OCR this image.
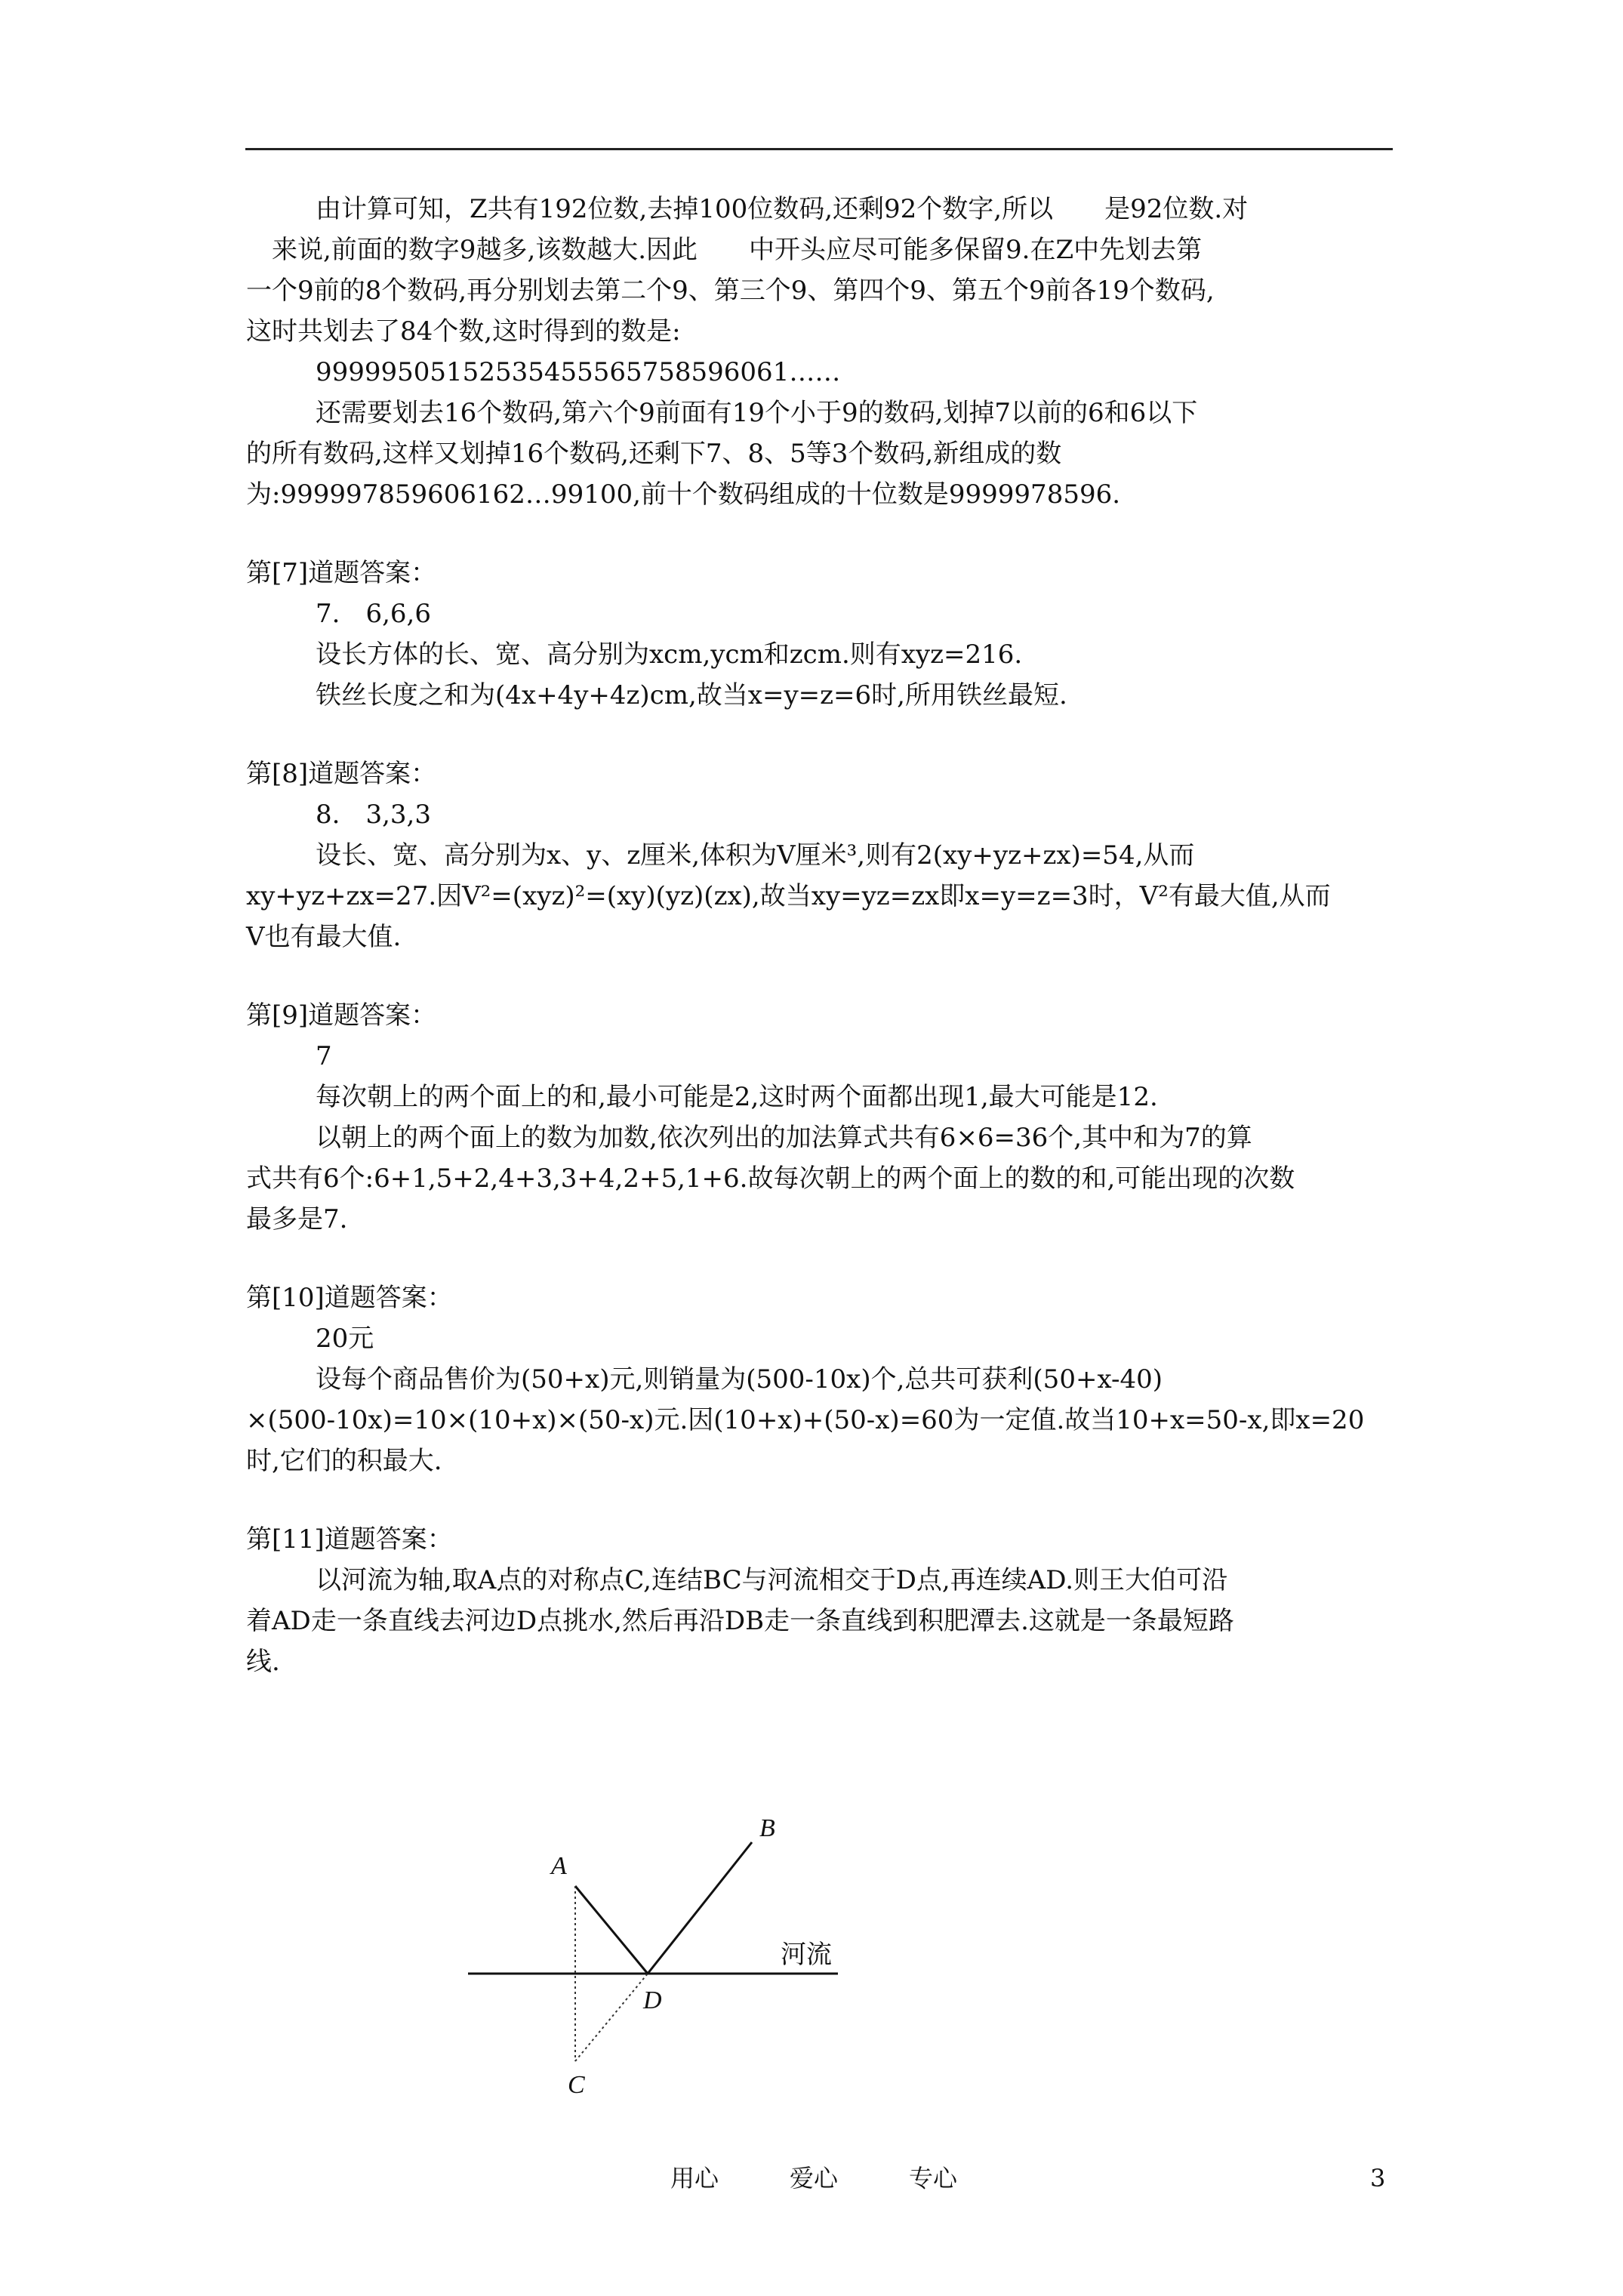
由计算可知，Z共有192位数,去掉100位数码,还剩92个数字,所以　　是92位数.对
　来说,前面的数字9越多,该数越大.因此　　中开头应尽可能多保留9.在Z中先划去第
一个9前的8个数码,再分别划去第二个9、第三个9、第四个9、第五个9前各19个数码,
这时共划去了84个数,这时得到的数是:
99999505152535455565758596061……
还需要划去16个数码,第六个9前面有19个小于9的数码,划掉7以前的6和6以下
的所有数码,这样又划掉16个数码,还剩下7、8、5等3个数码,新组成的数
为:999997859606162…99100,前十个数码组成的十位数是9999978596.
第[7]道题答案：
7.　6,6,6
设长方体的长、宽、高分别为xcm,ycm和zcm.则有xyz=216.
铁丝长度之和为(4x+4y+4z)cm,故当x=y=z=6时,所用铁丝最短.
第[8]道题答案：
8.　3,3,3
设长、宽、高分别为x、y、z厘米,体积为V厘米³,则有2(xy+yz+zx)=54,从而
xy+yz+zx=27.因V²=(xyz)²=(xy)(yz)(zx),故当xy=yz=zx即x=y=z=3时，V²有最大值,从而
V也有最大值.
第[9]道题答案：
7
每次朝上的两个面上的和,最小可能是2,这时两个面都出现1,最大可能是12.
以朝上的两个面上的数为加数,依次列出的加法算式共有6×6=36个,其中和为7的算
式共有6个:6+1,5+2,4+3,3+4,2+5,1+6.故每次朝上的两个面上的数的和,可能出现的次数
最多是7.
第[10]道题答案：
20元
设每个商品售价为(50+x)元,则销量为(500-10x)个,总共可获利(50+x-40)
×(500-10x)=10×(10+x)×(50-x)元.因(10+x)+(50-x)=60为一定值.故当10+x=50-x,即x=20
时,它们的积最大.
第[11]道题答案：
以河流为轴,取A点的对称点C,连结BC与河流相交于D点,再连续AD.则王大伯可沿
着AD走一条直线去河边D点挑水,然后再沿DB走一条直线到积肥潭去.这就是一条最短路
线.
A
B
C
D
河流
用心	爱心	专心	3
